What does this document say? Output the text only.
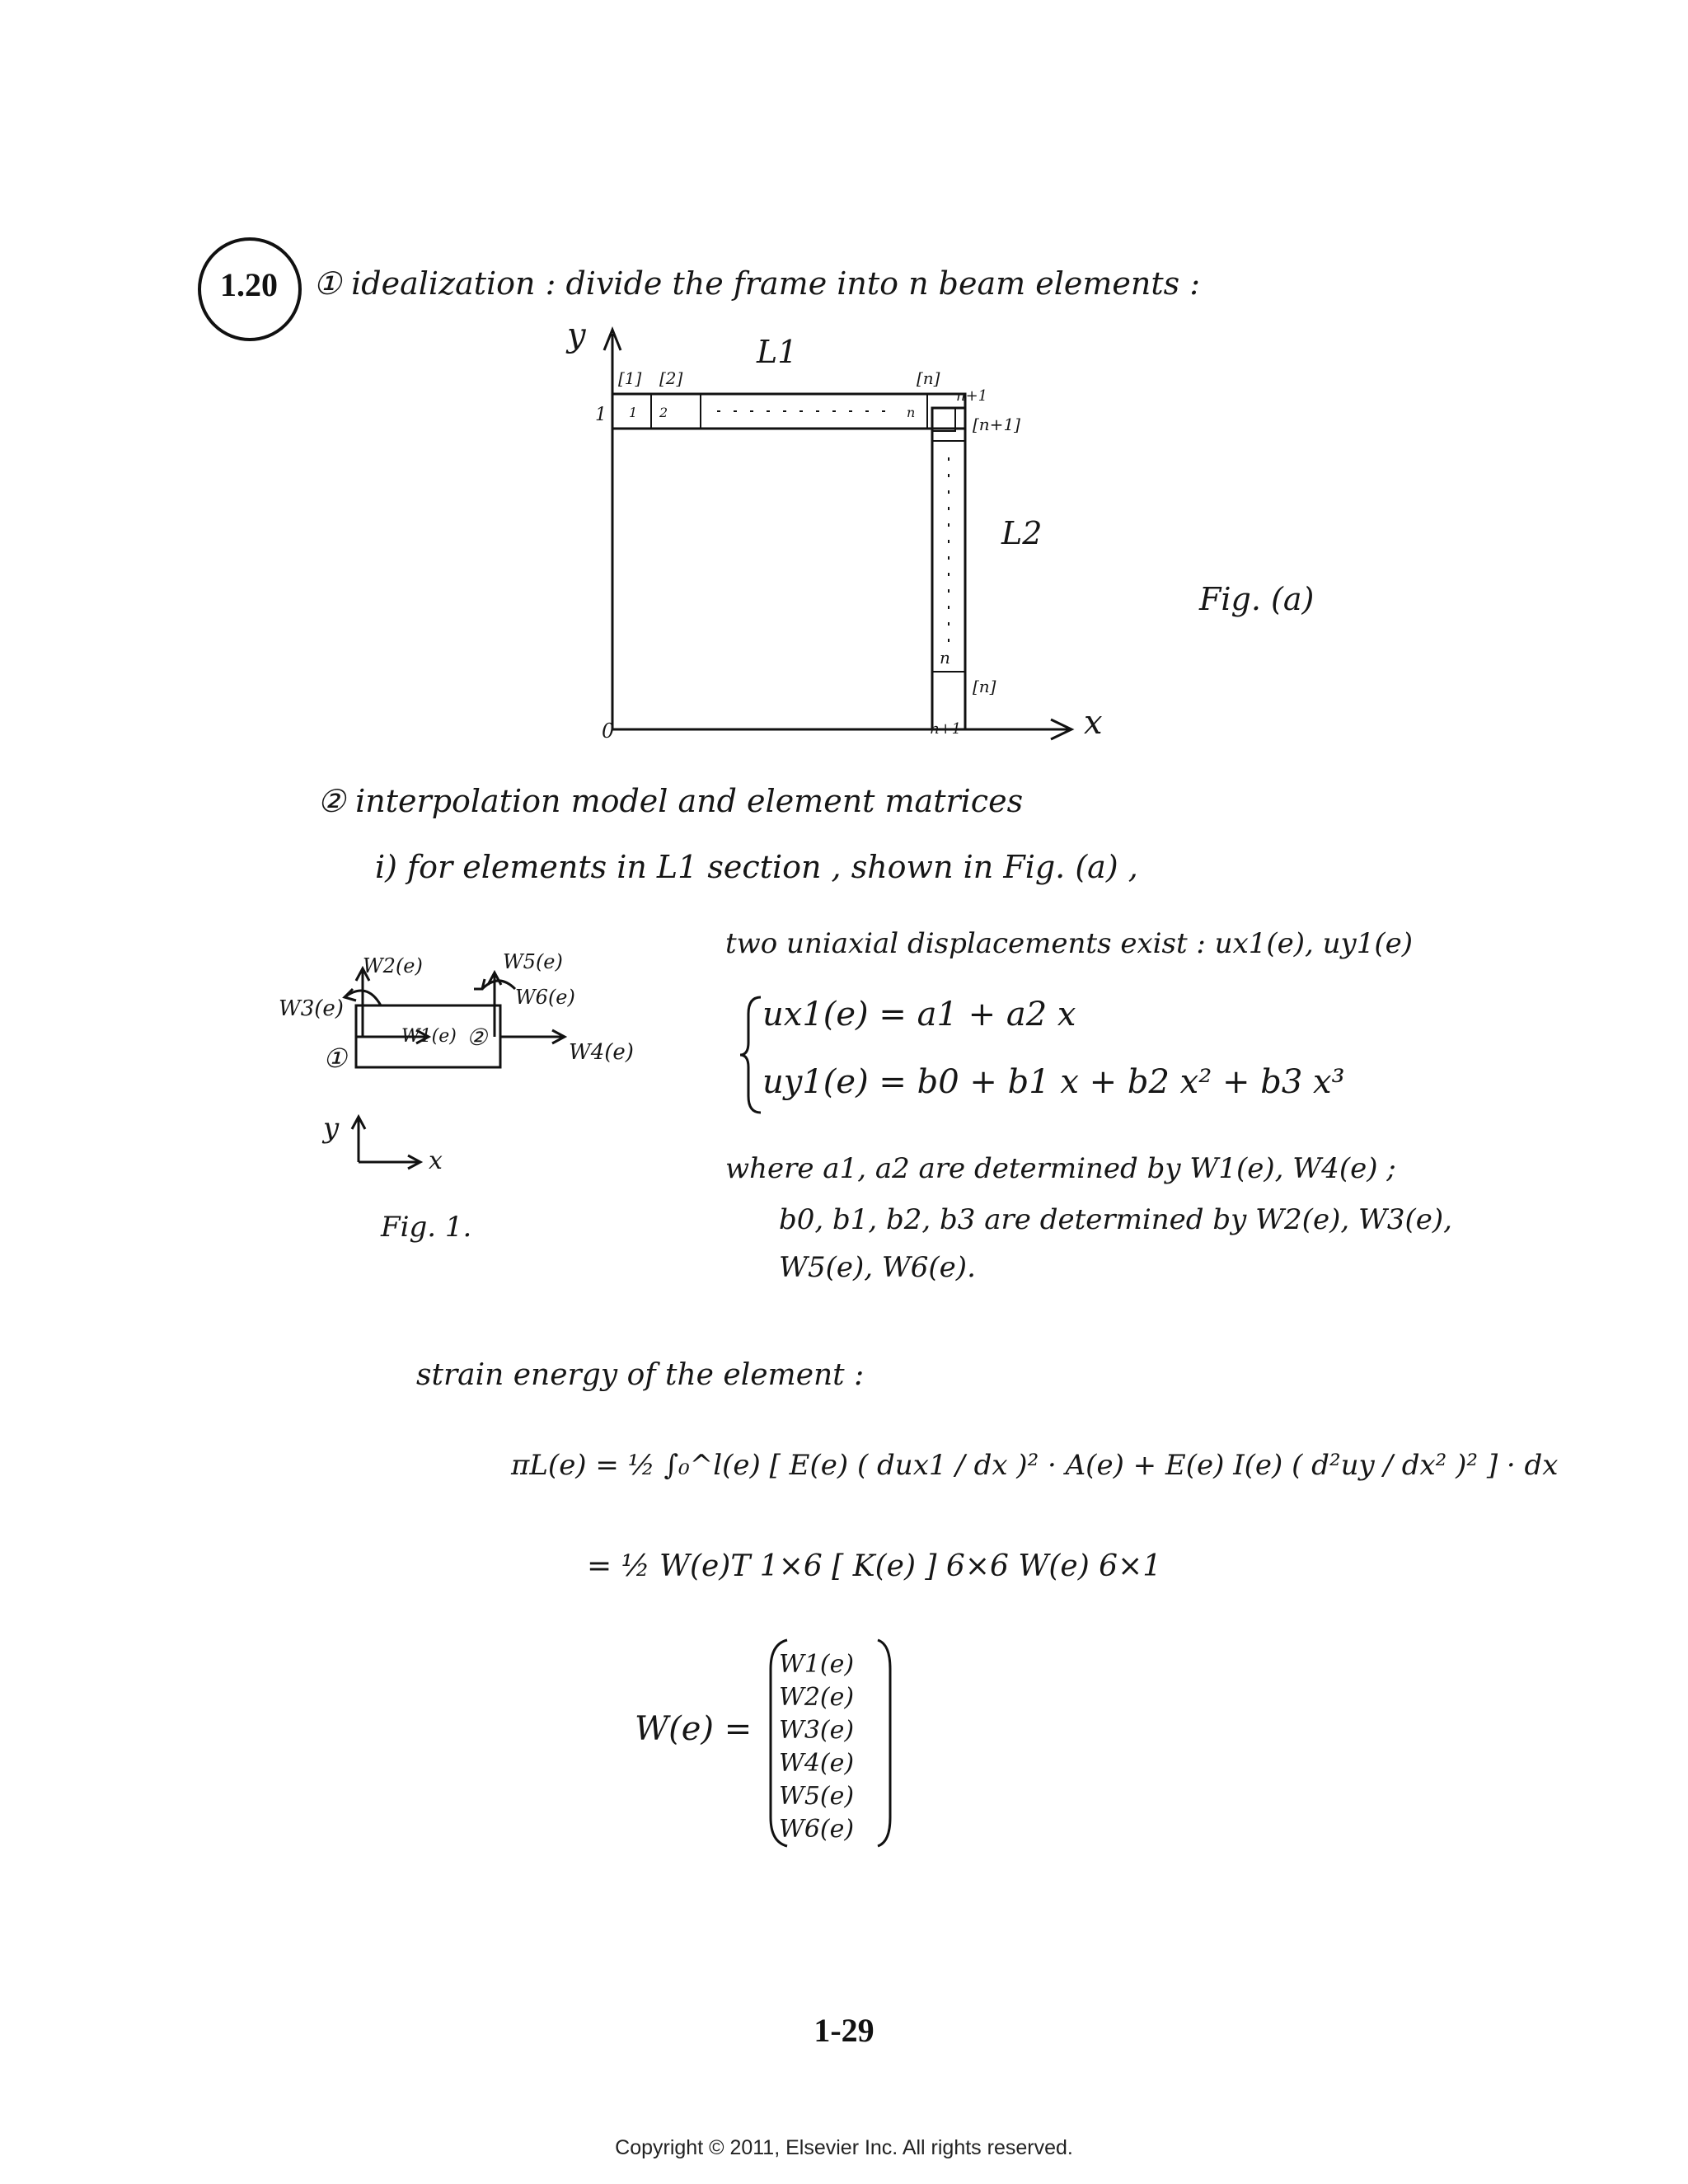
1.20	① idealization : divide the frame into n beam elements :
y
x
0
L1
L2
1
[1] [2]	[n]
n+1
[n+1]
1 2	n
n
[n]
n+1
Fig. (a)
② interpolation model and element matrices
i) for elements in L1 section , shown in Fig. (a) ,
two uniaxial displacements exist : ux1(e), uy1(e)
ux1(e) = a1 + a2 x
uy1(e) = b0 + b1 x + b2 x² + b3 x³
where a1, a2 are determined by W1(e), W4(e) ;
b0, b1, b2, b3 are determined by W2(e), W3(e),
W5(e), W6(e).
x
y
①
②
W1(e)
W2(e)
W3(e)
W4(e)
W5(e)
W6(e)
Fig. 1.
strain energy of the element :
πL(e) = ½ ∫₀^l(e) [ E(e) ( dux1 / dx )² · A(e) + E(e) I(e) ( d²uy / dx² )² ] · dx
= ½ W(e)T 1×6 [ K(e) ] 6×6 W(e) 6×1
W(e) =
W1(e)
W2(e)
W3(e)
W4(e)
W5(e)
W6(e)
1-29
Copyright © 2011, Elsevier Inc. All rights reserved.
